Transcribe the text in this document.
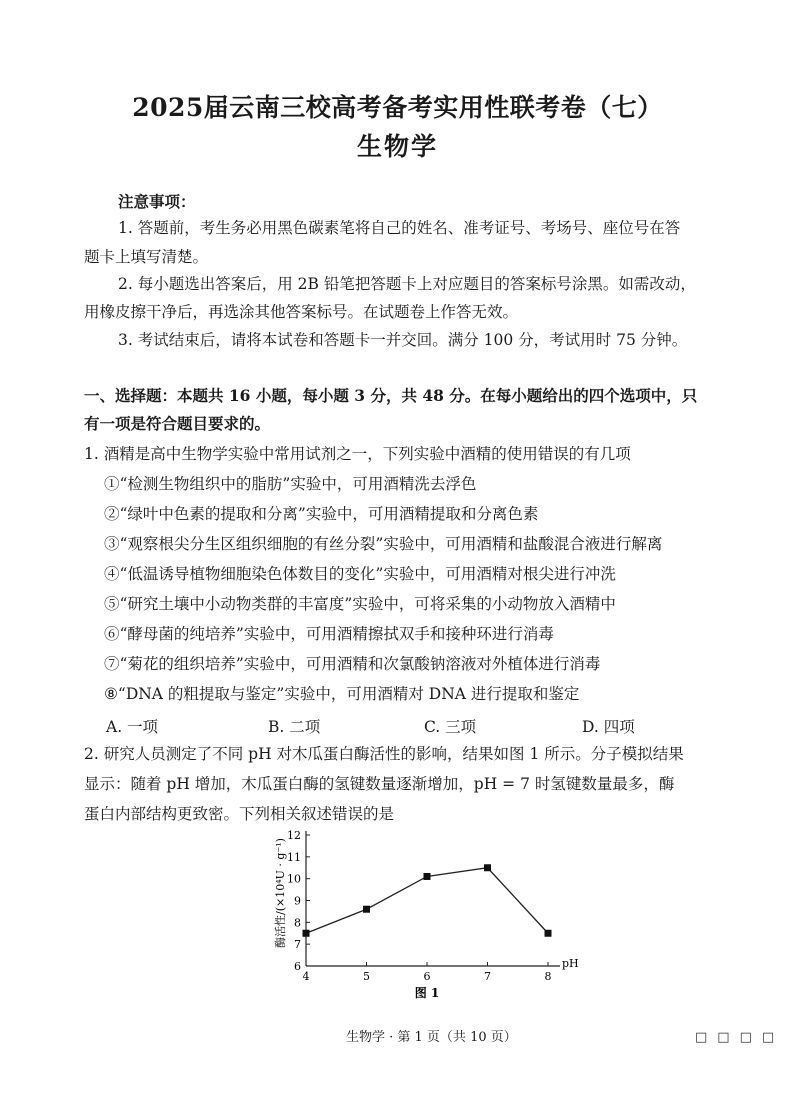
2025届云南三校高考备考实用性联考卷（七）
生物学
注意事项：
1. 答题前，考生务必用黑色碳素笔将自己的姓名、准考证号、考场号、座位号在答
题卡上填写清楚。
2. 每小题选出答案后，用 2B 铅笔把答题卡上对应题目的答案标号涂黑。如需改动，
用橡皮擦干净后，再选涂其他答案标号。在试题卷上作答无效。
3. 考试结束后，请将本试卷和答题卡一并交回。满分 100 分，考试用时 75 分钟。
一、选择题：本题共 16 小题，每小题 3 分，共 48 分。在每小题给出的四个选项中，只
有一项是符合题目要求的。
1. 酒精是高中生物学实验中常用试剂之一，下列实验中酒精的使用错误的有几项
①“检测生物组织中的脂肪”实验中，可用酒精洗去浮色
②“绿叶中色素的提取和分离”实验中，可用酒精提取和分离色素
③“观察根尖分生区组织细胞的有丝分裂”实验中，可用酒精和盐酸混合液进行解离
④“低温诱导植物细胞染色体数目的变化”实验中，可用酒精对根尖进行冲洗
⑤“研究土壤中小动物类群的丰富度”实验中，可将采集的小动物放入酒精中
⑥“酵母菌的纯培养”实验中，可用酒精擦拭双手和接种环进行消毒
⑦“菊花的组织培养”实验中，可用酒精和次氯酸钠溶液对外植体进行消毒
⑧“DNA 的粗提取与鉴定”实验中，可用酒精对 DNA 进行提取和鉴定
A. 一项	B. 二项	C. 三项	D. 四项
2. 研究人员测定了不同 pH 对木瓜蛋白酶活性的影响，结果如图 1 所示。分子模拟结果
显示：随着 pH 增加，木瓜蛋白酶的氢键数量逐渐增加，pH = 7 时氢键数量最多，酶
蛋白内部结构更致密。下列相关叙述错误的是
6
7
8
9
10
11
12
4	5	6	7	8
酶活性/(×10⁴U · g⁻¹)
pH
图 1
生物学 · 第 1 页（共 10 页）	□□□□
